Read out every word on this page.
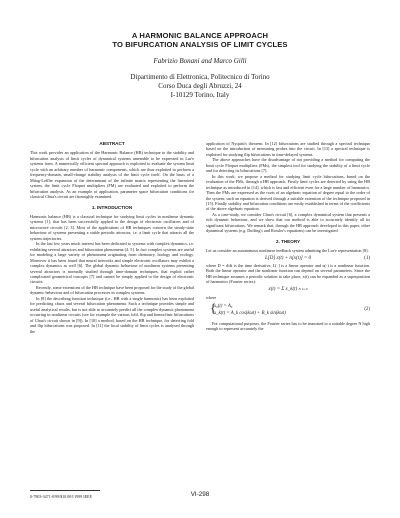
A HARMONIC BALANCE APPROACH
TO BIFURCATION ANALYSIS OF LIMIT CYCLES
Fabrizio Bonani and Marco Gilli
Dipartimento di Elettronica, Politecnico di Torino
Corso Duca degli Abruzzi, 24
I-10129 Torino, Italy
ABSTRACT

This work provides an application of the Harmonic Balance (HB) technique to the stability and bifurcation analysis of limit cycles of dynamical systems amenable to be expressed in Lur'e systems form. A numerically efficient spectral approach is exploited to evaluate the system limit cycle with an arbitrary number of harmonic components, which are thus exploited to perform a frequency-domain, small-change stability analysis of the limit cycle itself. On the basis of a Mitag-Leffler expansion of the determinant of the infinite matrix representing the linearized system, the limit cycle Floquet multipliers (FM) are evaluated and exploited to perform the bifurcation analysis. As an example of application, parameter space bifurcation conditions for classical Chua's circuit are thoroughly examined.

1. INTRODUCTION

Harmonic balance (HB) is a classical technique for studying limit cycles in nonlinear dynamic systems [1], that has been successfully applied to the design of electronic oscillators and of microwave circuits [2, 3]. Most of the applications of HB techniques concern the steady-state behaviour of systems presenting a stable periodic attractor, i.e. a limit cycle that attracts all the system trajectories.

In the last few years much interest has been dedicated to systems with complex dynamics, i.e. exhibiting several attractors and bifurcation phenomena [4, 5]. In fact complex systems are useful for modeling a large variety of phenomena originating from chemistry, biology and ecology. Moreover it has been found that neural networks and simple electronic oscillators may exhibit a complex dynamics as well [6]. The global dynamic behaviour of nonlinear systems presenting several attractors is normally studied through time-domain techniques, that exploit rather complicated geometrical concepts [7] and cannot be simply applied to the design of electronic circuits.

Recently, some extensions of the HB technique have been proposed for the study of the global dynamic behaviour and of bifurcation processes in complex systems.

In [8] the describing function technique (i.e., HB with a single harmonic) has been exploited for predicting chaos and several bifurcation phenomena. Such a technique provides simple and useful analytical results, but is not able to accurately predict all the complex dynamic phenomena occurring in nonlinear circuits (see for example the various fold, flip and homoclinic bifurcations of Chua's circuit shown in [9]). In [10] a method, based on the HB technique, for detecting fold and flip bifurcations was proposed. In [11] the local stability of limit cycles is analysed through the

application of Nyquist's theorem. In [12] bifurcations are studied through a spectral technique based on the introduction of measuring probes into the circuit. In [13] a spectral technique is exploited for studying flip bifurcations in time-delayed systems.

The above approaches have the disadvantage of not providing a method for computing the limit cycle Floquet multipliers (FMs), the simplest tool for studying the stability of a limit cycle and for detecting its bifurcations [7].

In this work, we propose a method for studying limit cycle bifurcations, based on the evaluation of the FMs, through a HB approach. Firstly limit cycles are detected by using the HB technique as introduced in [14], which is fast and efficient even for a large number of harmonics. Then the FMs are expressed as the roots of an algebraic equation of degree equal to the order of the system; such an equation is derived through a suitable extension of the technique proposed in [15]. Finally stability and bifurcation conditions are easily established in terms of the coefficients of the above algebraic equation.

As a case-study, we consider Chua's circuit [6], a complex dynamical system that presents a rich dynamic behaviour, and we show that our method is able to accurately identify all its significant bifurcations. We remark that, through the HB approach developed in this paper, other dynamical systems (e.g. Duffing's and Rossler's equations) can be investigated.

2. THEORY

Let us consider an autonomous nonlinear feedback system admitting the Lur'e representation [8]:

L[D] x(t) + n[x(t)] = 0	(1)

where D = d/dt is the time derivative, L[·] is a linear operator and n(·) is a nonlinear function. Both the linear operator and the nonlinear function can depend on several parameters. Since the HB technique assumes a periodic solution to take place, x(t) can be expanded as a superposition of harmonics (Fourier series):

x(t) = Σ x_k(t) N k=0

where

{
x₀(t) = A₀
x_k(t) = A_k cos(kωt) + B_k sin(kωt)
(2)

For computational purposes, the Fourier series has to be truncated to a suitable degree N high enough to represent accurately the

0-7803-3471-0/99/$10.00©1999 IEEE	VI-298
